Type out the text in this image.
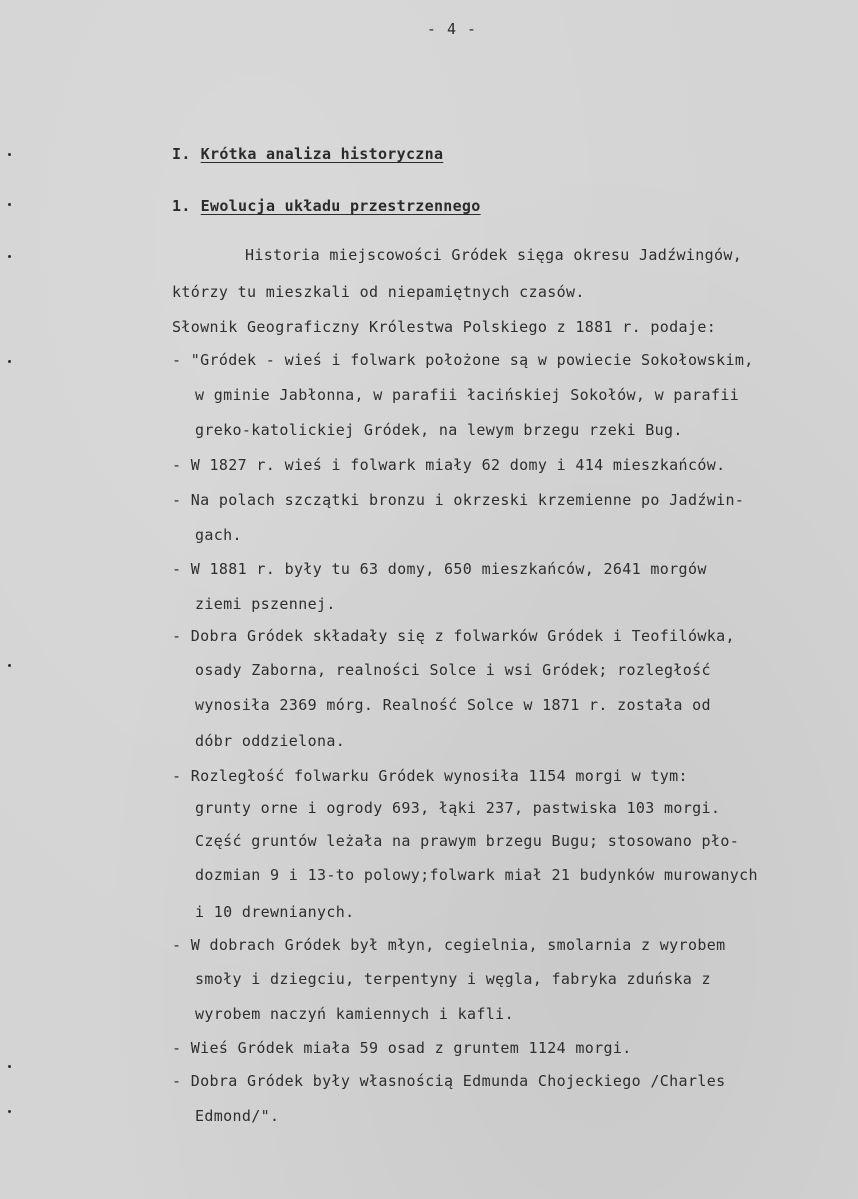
- 4 -
I. Krótka analiza historyczna
1. Ewolucja układu przestrzennego
Historia miejscowości Gródek sięga okresu Jadźwingów,
którzy tu mieszkali od niepamiętnych czasów.
Słownik Geograficzny Królestwa Polskiego z 1881 r. podaje:
- "Gródek - wieś i folwark położone są w powiecie Sokołowskim,
w gminie Jabłonna, w parafii łacińskiej Sokołów, w parafii
greko-katolickiej Gródek, na lewym brzegu rzeki Bug.
- W 1827 r. wieś i folwark miały 62 domy i 414 mieszkańców.
- Na polach szczątki bronzu i okrzeski krzemienne po Jadźwin-
gach.
- W 1881 r. były tu 63 domy, 650 mieszkańców, 2641 morgów
ziemi pszennej.
- Dobra Gródek składały się z folwarków Gródek i Teofilówka,
osady Zaborna, realności Solce i wsi Gródek; rozległość
wynosiła 2369 mórg. Realność Solce w 1871 r. została od
dóbr oddzielona.
- Rozległość folwarku Gródek wynosiła 1154 morgi w tym:
grunty orne i ogrody 693, łąki 237, pastwiska 103 morgi.
Część gruntów leżała na prawym brzegu Bugu; stosowano pło-
dozmian 9 i 13-to polowy;folwark miał 21 budynków murowanych
i 10 drewnianych.
- W dobrach Gródek był młyn, cegielnia, smolarnia z wyrobem
smoły i dziegciu, terpentyny i węgla, fabryka zduńska z
wyrobem naczyń kamiennych i kafli.
- Wieś Gródek miała 59 osad z gruntem 1124 morgi.
- Dobra Gródek były własnością Edmunda Chojeckiego /Charles
Edmond/".
